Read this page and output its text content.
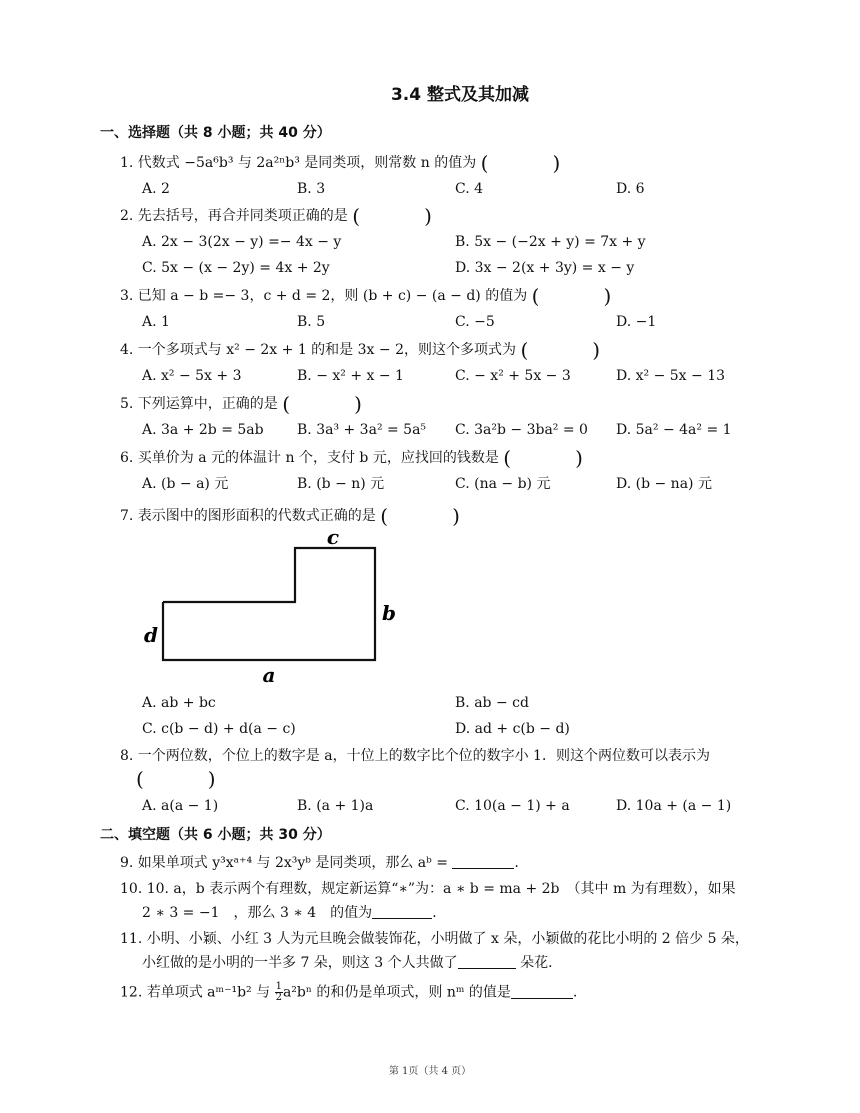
3.4 整式及其加减
一、选择题（共 8 小题；共 40 分）
1. 代数式 −5a⁶b³ 与 2a²ⁿb³ 是同类项，则常数 n 的值为 (　)
A. 2	B. 3	C. 4	D. 6
2. 先去括号，再合并同类项正确的是 (　)
A. 2x − 3(2x − y) =− 4x − y	B. 5x − (−2x + y) = 7x + y
C. 5x − (x − 2y) = 4x + 2y	D. 3x − 2(x + 3y) = x − y
3. 已知 a − b =− 3，c + d = 2，则 (b + c) − (a − d) 的值为 (　)
A. 1	B. 5	C. −5	D. −1
4. 一个多项式与 x² − 2x + 1 的和是 3x − 2，则这个多项式为 (　)
A. x² − 5x + 3	B. − x² + x − 1	C. − x² + 5x − 3	D. x² − 5x − 13
5. 下列运算中，正确的是 (　)
A. 3a + 2b = 5ab B. 3a³ + 3a² = 5a⁵ C. 3a²b − 3ba² = 0 D. 5a² − 4a² = 1
6. 买单价为 a 元的体温计 n 个，支付 b 元，应找回的钱数是 (　)
A. (b − a) 元	B. (b − n) 元	C. (na − b) 元	D. (b − na) 元
7. 表示图中的图形面积的代数式正确的是 (　)
c
b
d
a
A. ab + bc	B. ab − cd
C. c(b − d) + d(a − c)	D. ad + c(b − d)
8. 一个两位数，个位上的数字是 a，十位上的数字比个位的数字小 1．则这个两位数可以表示为
(　)
A. a(a − 1)	B. (a + 1)a	C. 10(a − 1) + a	D. 10a + (a − 1)
二、填空题（共 6 小题；共 30 分）
9. 如果单项式 y³xᵃ⁺⁴ 与 2x³yᵇ 是同类项，那么 aᵇ =	.
10. 10. a，b 表示两个有理数，规定新运算“∗”为：a ∗ b = ma + 2b　（其中 m 为有理数），如果
2 ∗ 3 = −1　，那么 3 ∗ 4　的值为	.
11. 小明、小颖、小红 3 人为元旦晚会做装饰花，小明做了 x 朵，小颖做的花比小明的 2 倍少 5 朵，
小红做的是小明的一半多 7 朵，则这 3 个人共做了	朵花．
12. 若单项式 aᵐ⁻¹b² 与 $\frac{1}{2} a^2b^n$ 的和仍是单项式，则 nᵐ 的值是	.
第 1页（共 4 页）
